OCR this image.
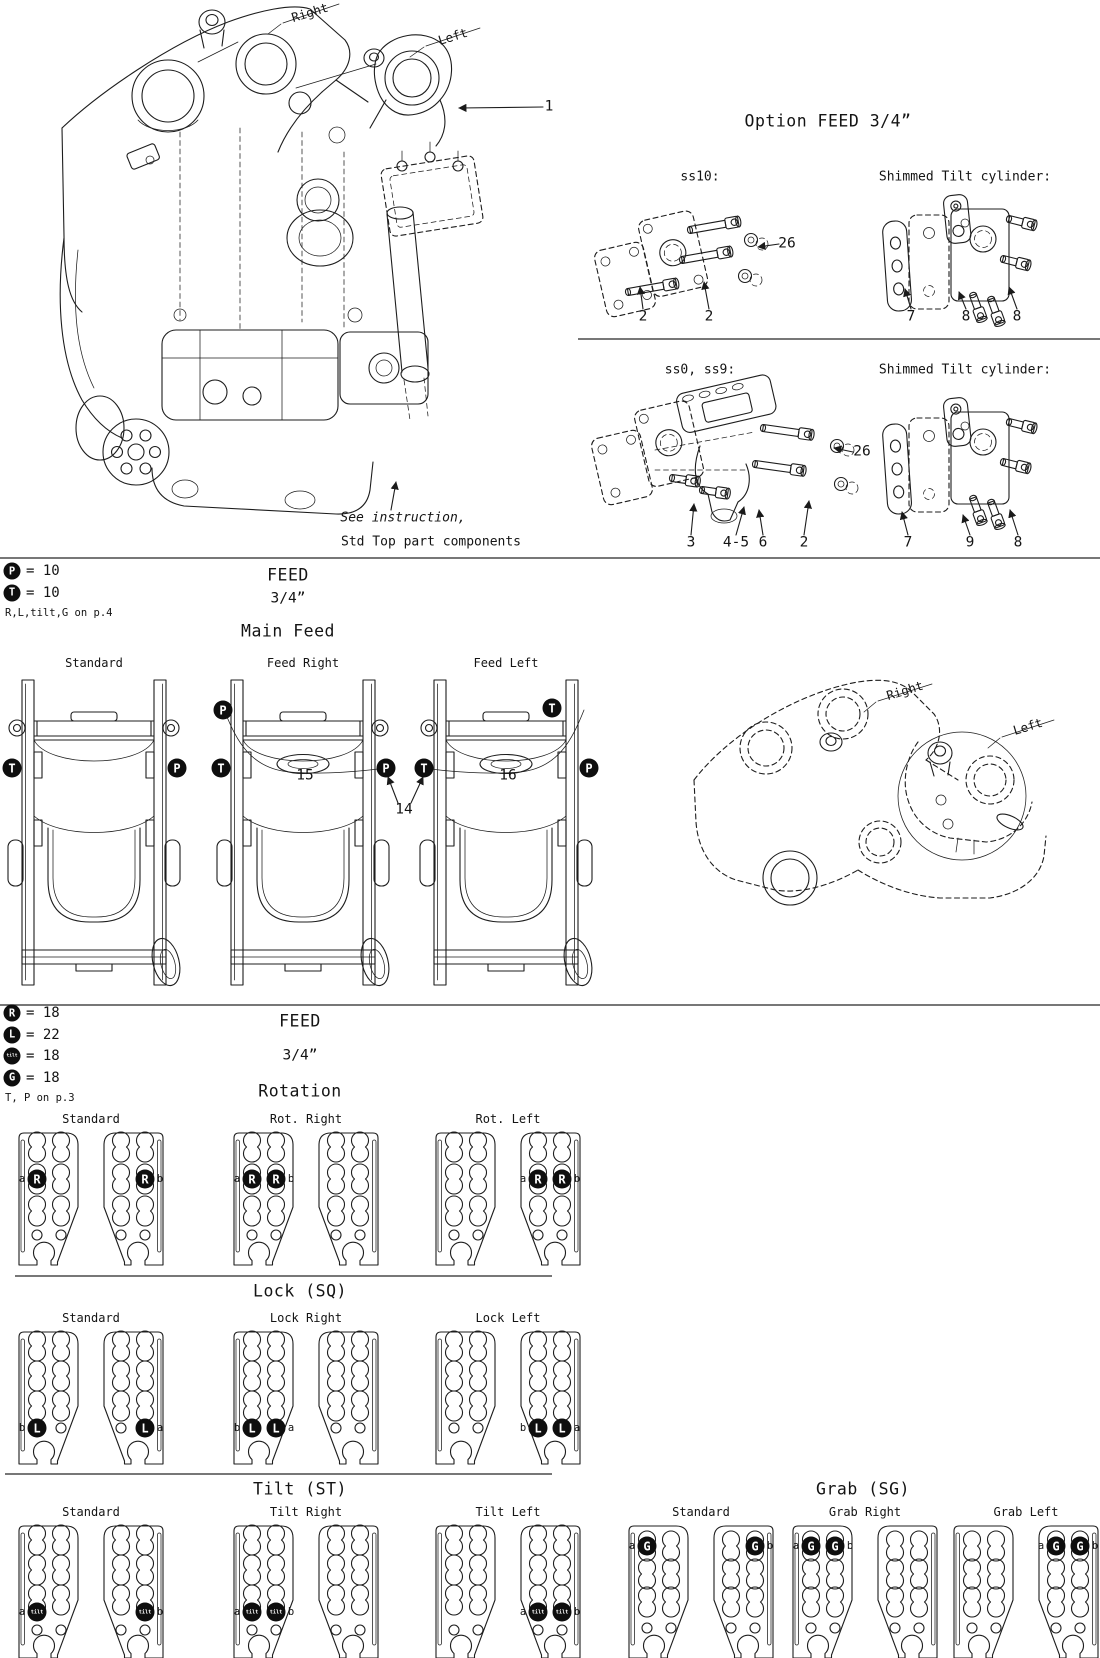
Right
Left
1
See instruction,
Std Top part components
Option FEED 3/4”
ss10:	Shimmed Tilt cylinder:
26
2	2	7	8	8
ss0, ss9:	Shimmed Tilt cylinder:
26
3 4-5 6 2	7	9	8
FEED
3/4”
Main Feed
R,L,tilt,G on p.4
Right
Left
FEED
3/4”
T, P on p.3
P = 10
T = 10
R = 18
L = 22
tilt = 18
G = 18
Standard
T	P
Feed Right
T	P
P
15
Feed Left
T	P
T
16
14
Rotation
Standard
R
a	R b
Rot. Right
R
a	R b
Rot. Left
R
a	R b
Lock (SQ)
Standard
L
b	L a
Lock Right
L
b	L a
Lock Left
L
b	L a
Tilt (ST)
Standard
tilt
a	tilt b
Tilt Right
tilt
a	tilt b
Tilt Left
tilt
a	tilt b
Grab (SG)
Standard
G
a	G b
Grab Right
G
a	G b
Grab Left
G
a	G b
